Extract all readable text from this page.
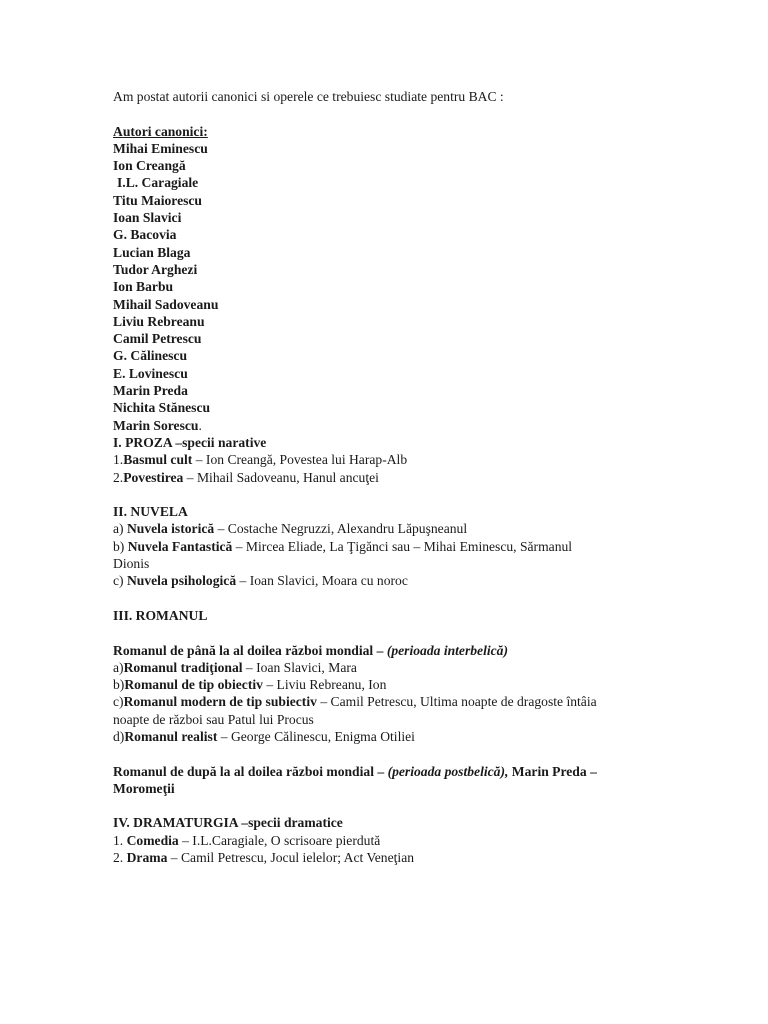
Am postat autorii canonici si operele ce trebuiesc studiate pentru BAC :
Autori canonici:
Mihai Eminescu
Ion Creangă
I.L. Caragiale
Titu Maiorescu
Ioan Slavici
G. Bacovia
Lucian Blaga
Tudor Arghezi
Ion Barbu
Mihail Sadoveanu
Liviu Rebreanu
Camil Petrescu
G. Călinescu
E. Lovinescu
Marin Preda
Nichita Stănescu
Marin Sorescu.
I. PROZA –specii narative
1.Basmul cult – Ion Creangă, Povestea lui Harap-Alb
2.Povestirea – Mihail Sadoveanu, Hanul ancuţei
II. NUVELA
a) Nuvela istorică – Costache Negruzzi, Alexandru Lăpuşneanul
b) Nuvela Fantastică – Mircea Eliade, La Ţigănci sau – Mihai Eminescu, Sărmanul
Dionis
c) Nuvela psihologică – Ioan Slavici, Moara cu noroc
III. ROMANUL
Romanul de până la al doilea război mondial – (perioada interbelică)
a)Romanul tradiţional – Ioan Slavici, Mara
b)Romanul de tip obiectiv – Liviu Rebreanu, Ion
c)Romanul modern de tip subiectiv – Camil Petrescu, Ultima noapte de dragoste întâia
noapte de război sau Patul lui Procus
d)Romanul realist – George Călinescu, Enigma Otiliei
Romanul de după la al doilea război mondial – (perioada postbelică), Marin Preda –
Moromeţii
IV. DRAMATURGIA –specii dramatice
1. Comedia – I.L.Caragiale, O scrisoare pierdută
2. Drama – Camil Petrescu, Jocul ielelor; Act Veneţian
